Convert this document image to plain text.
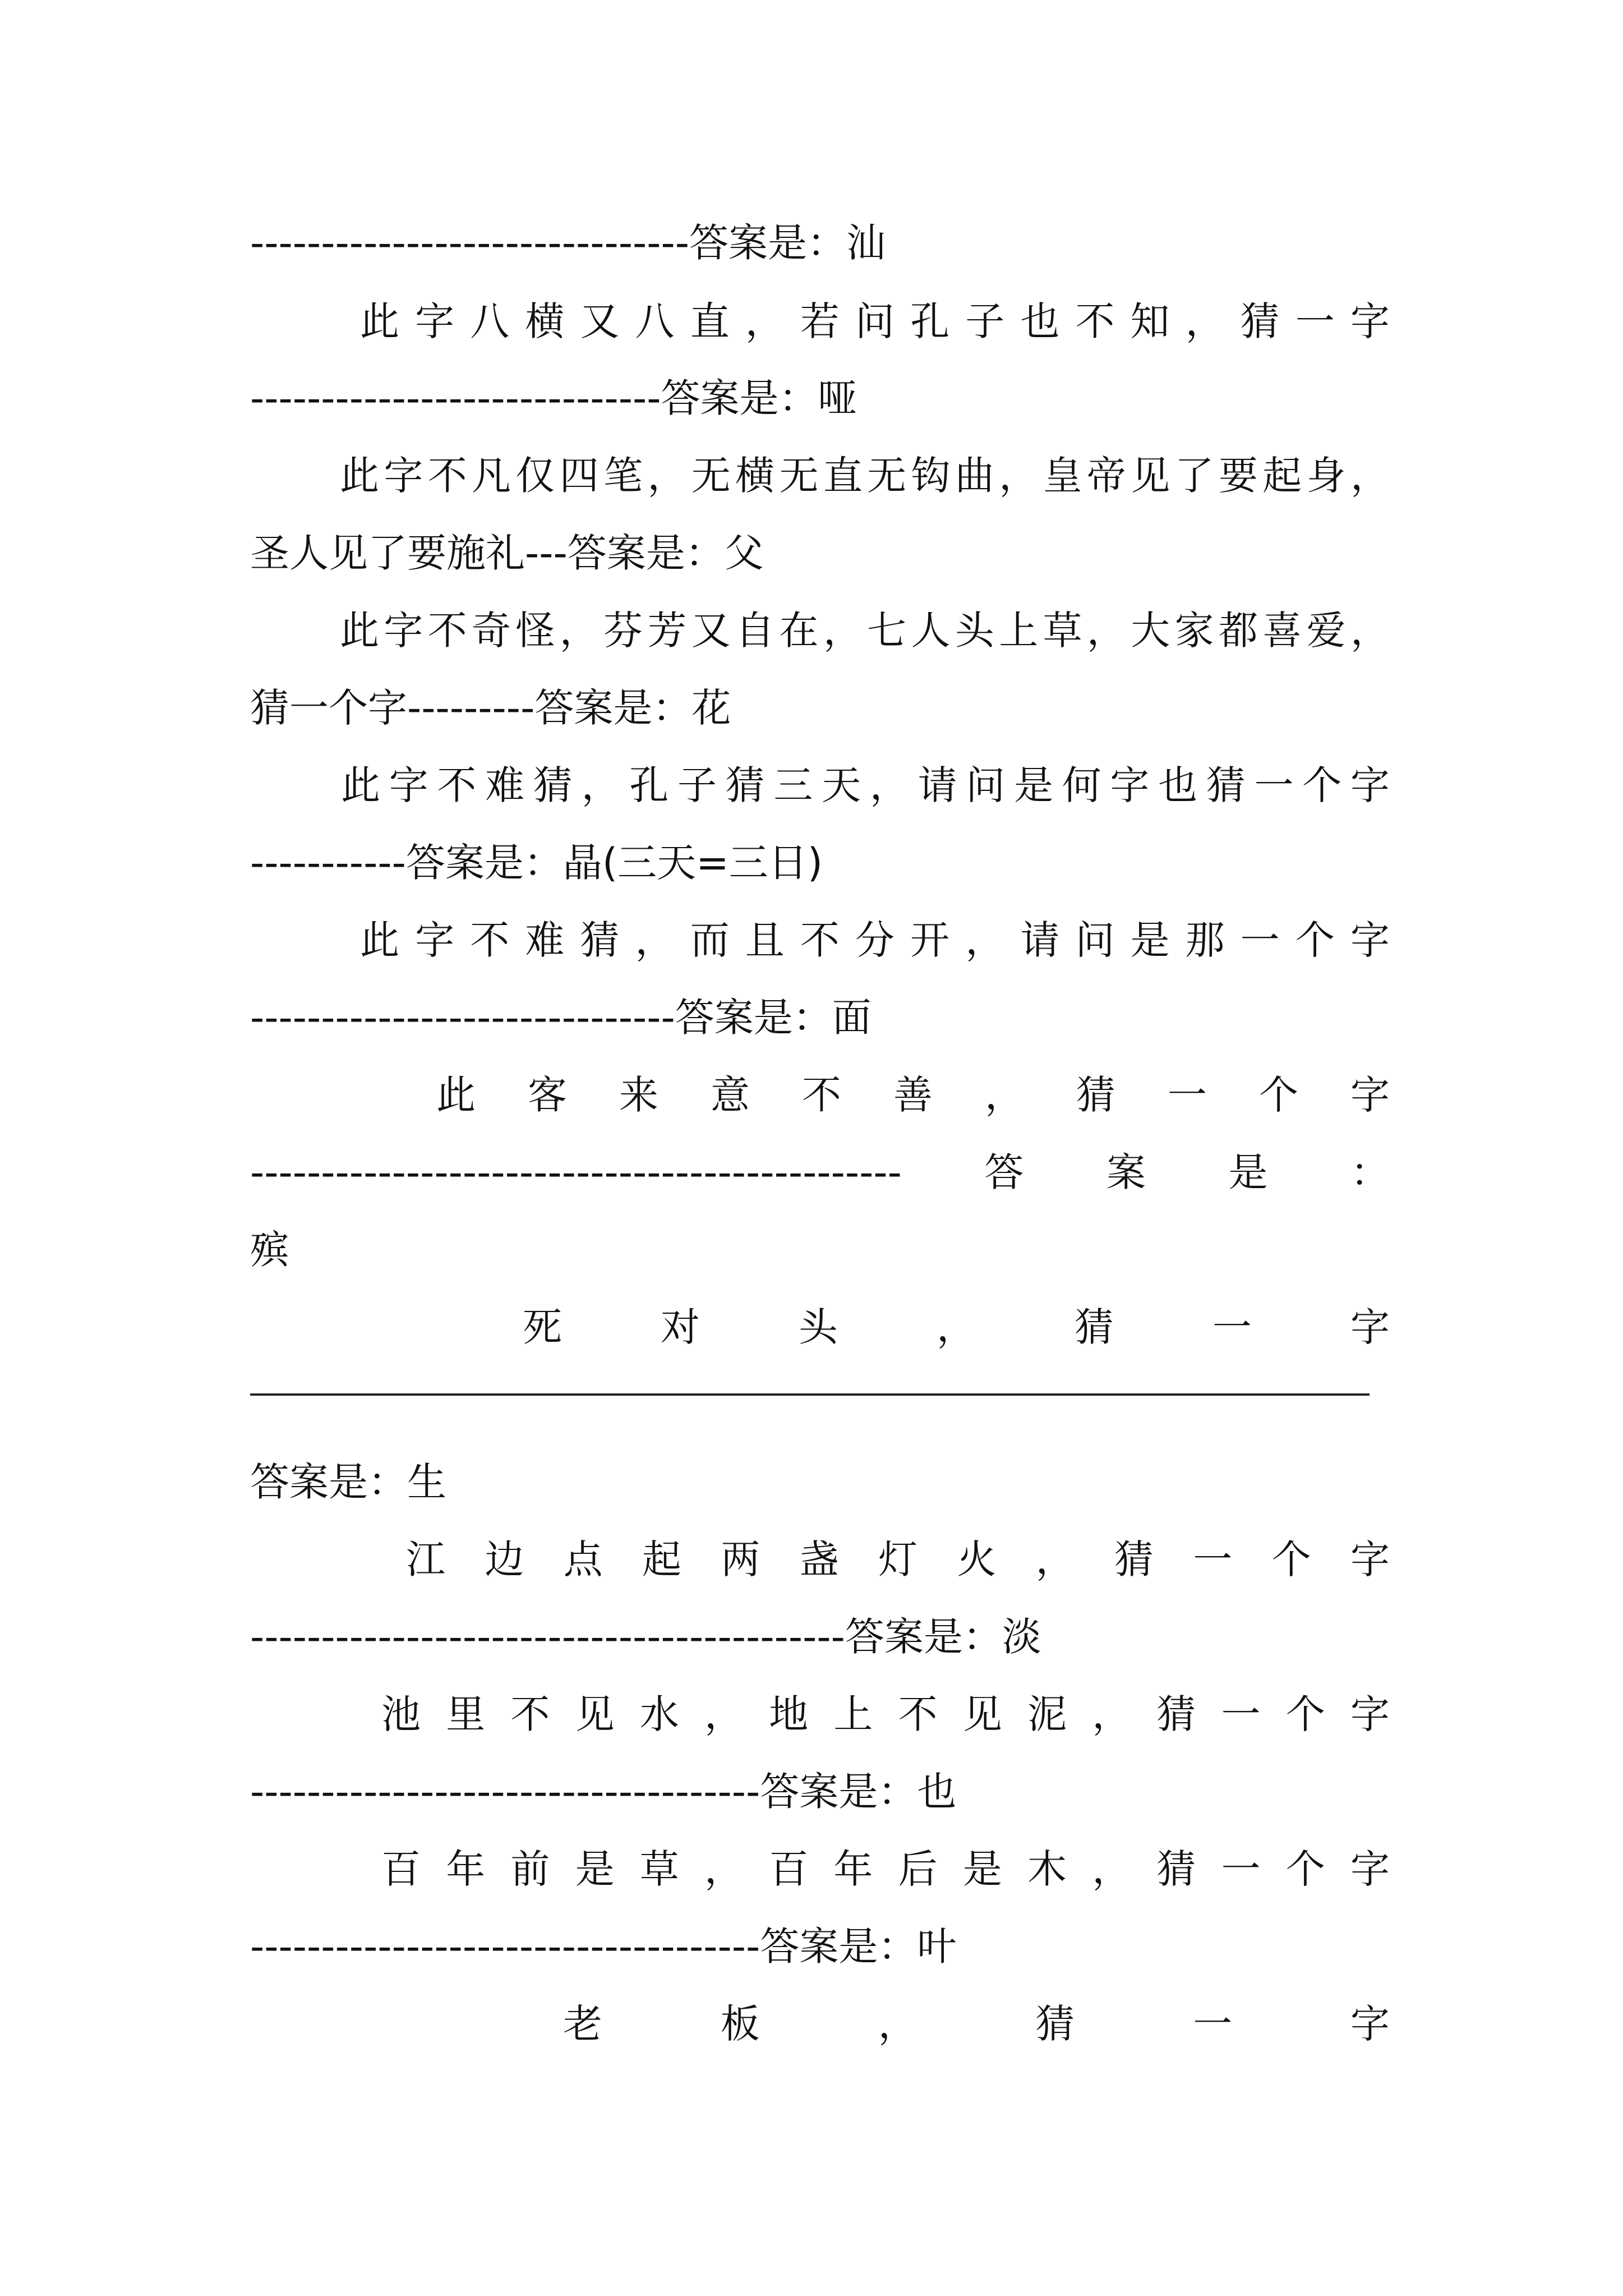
-------------------------------答案是：汕
此字八横又八直，若问孔子也不知，猜一字
-----------------------------答案是：哑
此字不凡仅四笔，无横无直无钩曲，皇帝见了要起身，
圣人见了要施礼---答案是：父
此字不奇怪，芬芳又自在，七人头上草，大家都喜爱，
猜一个字---------答案是：花
此字不难猜，孔子猜三天，请问是何字也猜一个字
-----------答案是：晶(三天=三日)
此字不难猜，而且不分开，请问是那一个字
------------------------------答案是：面
此客来意不善，猜一个字
----------------------------------------------答案是：
殡
死对头，猜一字
答案是：生
江边点起两盏灯火，猜一个字
------------------------------------------答案是：淡
池里不见水，地上不见泥，猜一个字
------------------------------------答案是：也
百年前是草，百年后是木，猜一个字
------------------------------------答案是：叶
老板，猜一字
